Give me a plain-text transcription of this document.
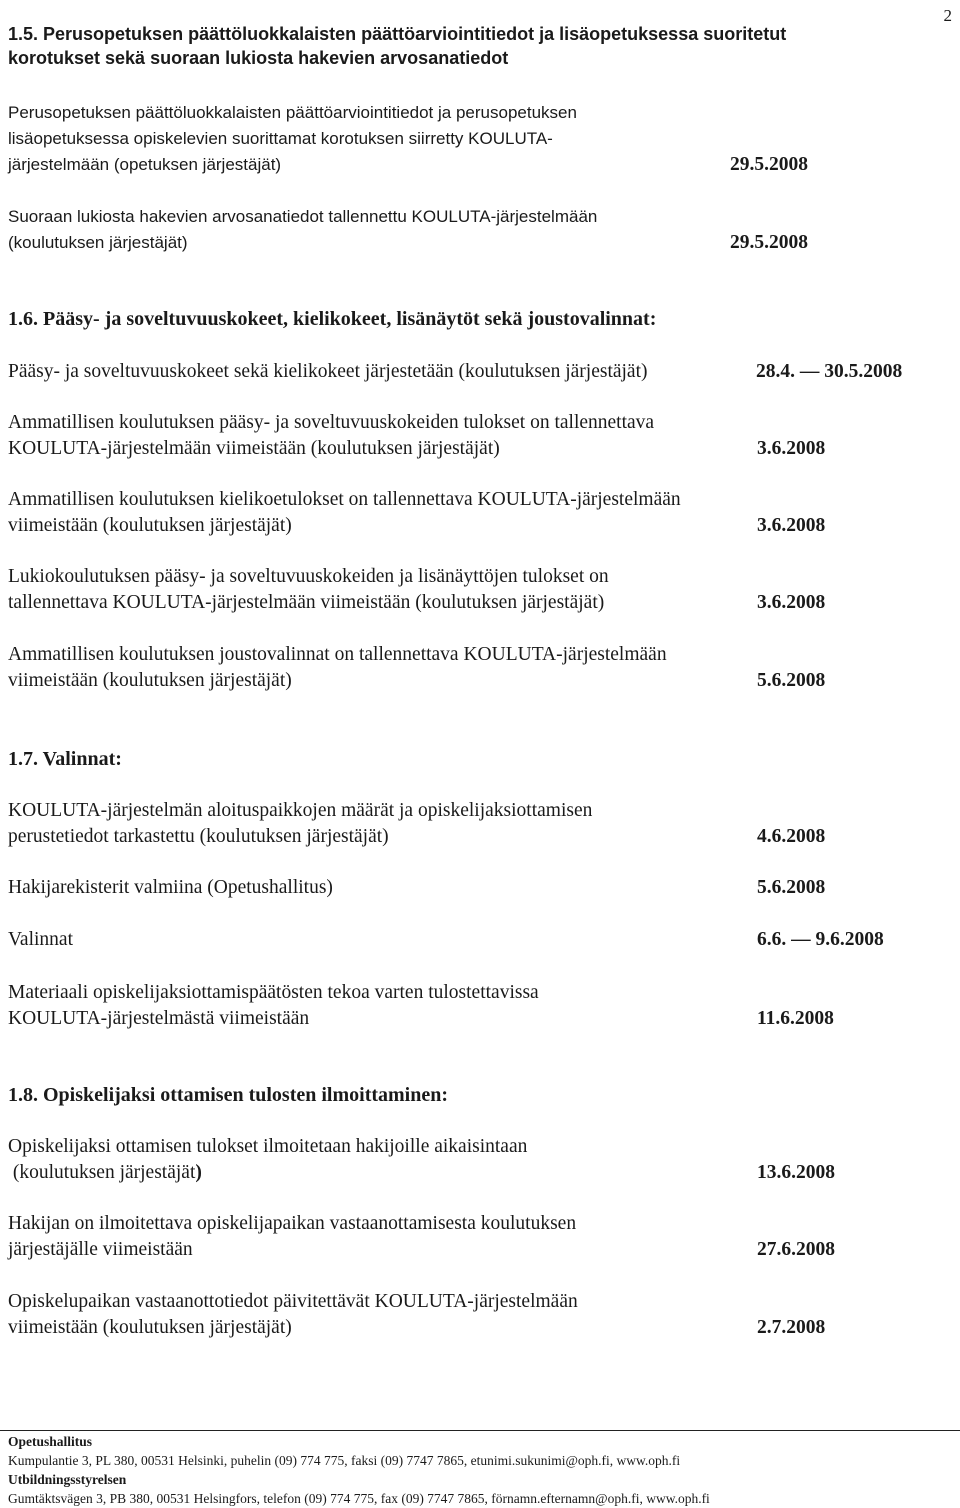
2
1.5. Perusopetuksen päättöluokkalaisten päättöarviointitiedot ja lisäopetuksessa suoritetut
korotukset sekä suoraan lukiosta hakevien arvosanatiedot
Perusopetuksen päättöluokkalaisten päättöarviointitiedot ja perusopetuksen
lisäopetuksessa opiskelevien suorittamat korotuksen siirretty KOULUTA-
järjestelmään (opetuksen järjestäjät)	29.5.2008
Suoraan lukiosta hakevien arvosanatiedot tallennettu KOULUTA-järjestelmään
(koulutuksen järjestäjät)	29.5.2008
1.6. Pääsy- ja soveltuvuuskokeet, kielikokeet, lisänäytöt sekä joustovalinnat:
Pääsy- ja soveltuvuuskokeet sekä kielikokeet järjestetään (koulutuksen järjestäjät)	28.4. — 30.5.2008
Ammatillisen koulutuksen pääsy- ja soveltuvuuskokeiden tulokset on tallennettava
KOULUTA-järjestelmään viimeistään (koulutuksen järjestäjät)	3.6.2008
Ammatillisen koulutuksen kielikoetulokset on tallennettava KOULUTA-järjestelmään
viimeistään (koulutuksen järjestäjät)	3.6.2008
Lukiokoulutuksen pääsy- ja soveltuvuuskokeiden ja lisänäyttöjen tulokset on
tallennettava KOULUTA-järjestelmään viimeistään (koulutuksen järjestäjät)	3.6.2008
Ammatillisen koulutuksen joustovalinnat on tallennettava KOULUTA-järjestelmään
viimeistään (koulutuksen järjestäjät)	5.6.2008
1.7. Valinnat:
KOULUTA-järjestelmän aloituspaikkojen määrät ja opiskelijaksiottamisen
perustetiedot tarkastettu (koulutuksen järjestäjät)	4.6.2008
Hakijarekisterit valmiina (Opetushallitus)	5.6.2008
Valinnat	6.6. — 9.6.2008
Materiaali opiskelijaksiottamispäätösten tekoa varten tulostettavissa
KOULUTA-järjestelmästä viimeistään	11.6.2008
1.8. Opiskelijaksi ottamisen tulosten ilmoittaminen:
Opiskelijaksi ottamisen tulokset ilmoitetaan hakijoille aikaisintaan
(koulutuksen järjestäjät)	13.6.2008
Hakijan on ilmoitettava opiskelijapaikan vastaanottamisesta koulutuksen
järjestäjälle viimeistään	27.6.2008
Opiskelupaikan vastaanottotiedot päivitettävät KOULUTA-järjestelmään
viimeistään (koulutuksen järjestäjät)	2.7.2008
Opetushallitus
Kumpulantie 3, PL 380, 00531 Helsinki, puhelin (09) 774 775, faksi (09) 7747 7865, etunimi.sukunimi@oph.fi, www.oph.fi
Utbildningsstyrelsen
Gumtäktsvägen 3, PB 380, 00531 Helsingfors, telefon (09) 774 775, fax (09) 7747 7865, förnamn.efternamn@oph.fi, www.oph.fi
